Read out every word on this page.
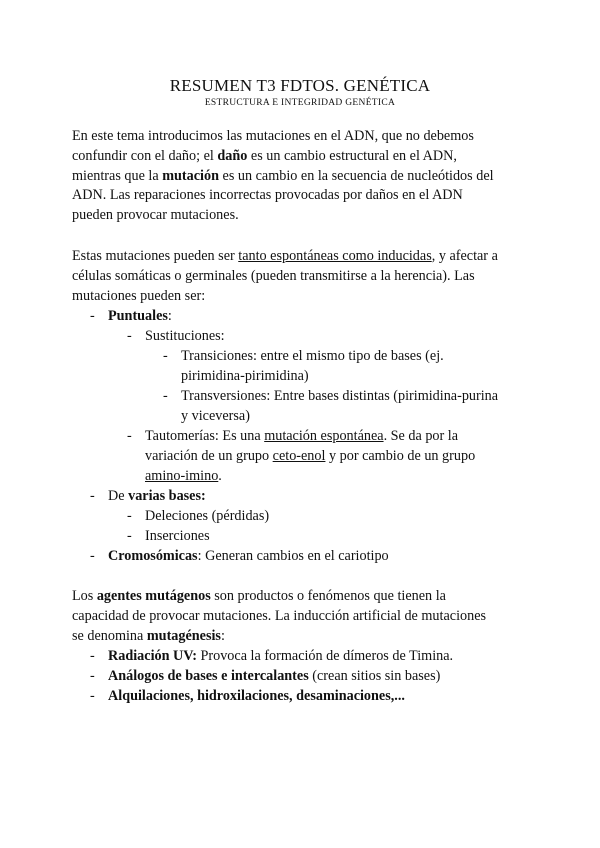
RESUMEN T3 FDTOS. GENÉTICA
ESTRUCTURA E INTEGRIDAD GENÉTICA
En este tema introducimos las mutaciones en el ADN, que no debemos
confundir con el daño; el daño es un cambio estructural en el ADN,
mientras que la mutación es un cambio en la secuencia de nucleótidos del
ADN. Las reparaciones incorrectas provocadas por daños en el ADN
pueden provocar mutaciones.
Estas mutaciones pueden ser tanto espontáneas como inducidas, y afectar a
células somáticas o germinales (pueden transmitirse a la herencia). Las
mutaciones pueden ser:
- Puntuales:
- Sustituciones:
- Transiciones: entre el mismo tipo de bases (ej.
pirimidina-pirimidina)
- Transversiones: Entre bases distintas (pirimidina-purina
y viceversa)
- Tautomerías: Es una mutación espontánea. Se da por la
variación de un grupo ceto-enol y por cambio de un grupo
amino-imino.
- De varias bases:
- Deleciones (pérdidas)
- Inserciones
- Cromosómicas: Generan cambios en el cariotipo
Los agentes mutágenos son productos o fenómenos que tienen la
capacidad de provocar mutaciones. La inducción artificial de mutaciones
se denomina mutagénesis:
- Radiación UV: Provoca la formación de dímeros de Timina.
- Análogos de bases e intercalantes (crean sitios sin bases)
- Alquilaciones, hidroxilaciones, desaminaciones,...
